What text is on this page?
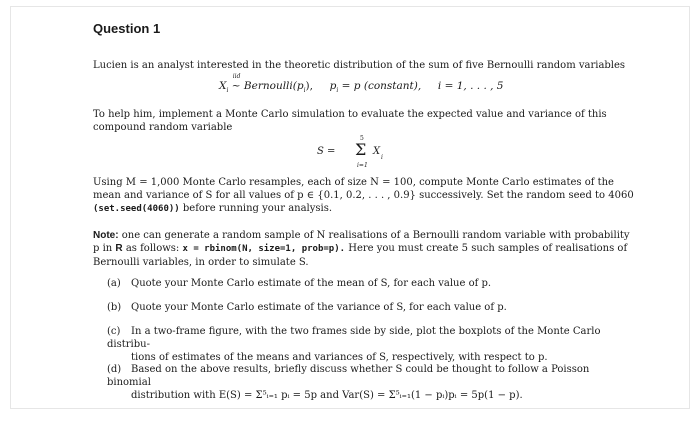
Question 1
Lucien is an analyst interested in the theoretic distribution of the sum of five Bernoulli random variables
$X_i$
iid
~ $Bernoulli(p_i)$, $p_i = p$ (constant), i = 1, . . . , 5
To help him, implement a Monte Carlo simulation to evaluate the expected value and variance of this
compound random variable
S =
5
Σ
i=1
X
i
Using M = 1,000 Monte Carlo resamples, each of size N = 100, compute Monte Carlo estimates of the
mean and variance of S for all values of p ∈ {0.1, 0.2, . . . , 0.9} successively. Set the random seed to 4060
(set.seed(4060)) before running your analysis.
Note: one can generate a random sample of N realisations of a Bernoulli random variable with probability
p in R as follows: x = rbinom(N, size=1, prob=p). Here you must create 5 such samples of realisations of
Bernoulli variables, in order to simulate S.
(a) Quote your Monte Carlo estimate of the mean of S, for each value of p.
(b) Quote your Monte Carlo estimate of the variance of S, for each value of p.
(c) In a two-frame figure, with the two frames side by side, plot the boxplots of the Monte Carlo distribu-
tions of estimates of the means and variances of S, respectively, with respect to p.
(d) Based on the above results, briefly discuss whether S could be thought to follow a Poisson binomial
distribution with E(S) = Σ⁵ᵢ₌₁ pᵢ = 5p and Var(S) = Σ⁵ᵢ₌₁(1 − pᵢ)pᵢ = 5p(1 − p).
